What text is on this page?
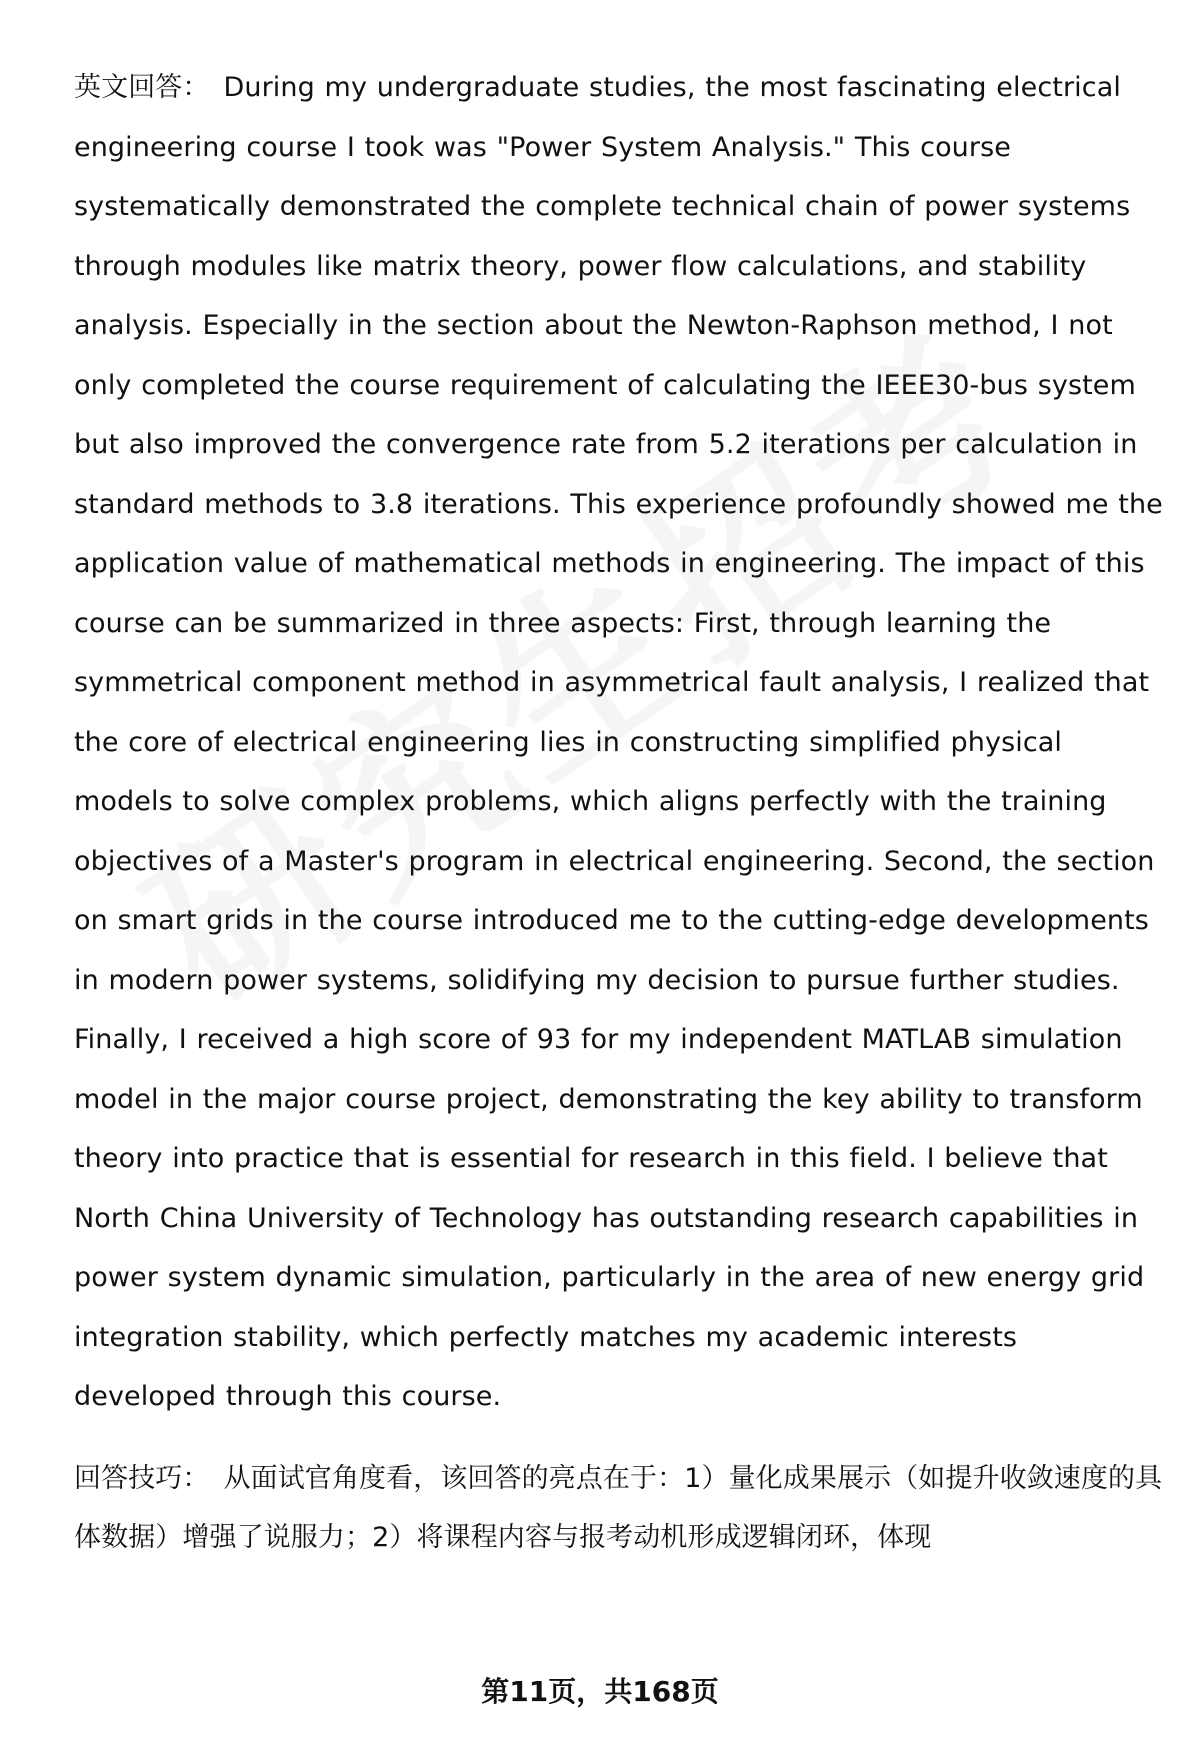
英文回答： During my undergraduate studies, the most fascinating electrical engineering course I took was "Power System Analysis." This course systematically demonstrated the complete technical chain of power systems through modules like matrix theory, power flow calculations, and stability analysis. Especially in the section about the Newton-Raphson method, I not only completed the course requirement of calculating the IEEE30-bus system but also improved the convergence rate from 5.2 iterations per calculation in standard methods to 3.8 iterations. This experience profoundly showed me the application value of mathematical methods in engineering. The impact of this course can be summarized in three aspects: First, through learning the symmetrical component method in asymmetrical fault analysis, I realized that the core of electrical engineering lies in constructing simplified physical models to solve complex problems, which aligns perfectly with the training objectives of a Master's program in electrical engineering. Second, the section on smart grids in the course introduced me to the cutting-edge developments in modern power systems, solidifying my decision to pursue further studies. Finally, I received a high score of 93 for my independent MATLAB simulation model in the major course project, demonstrating the key ability to transform theory into practice that is essential for research in this field. I believe that North China University of Technology has outstanding research capabilities in power system dynamic simulation, particularly in the area of new energy grid integration stability, which perfectly matches my academic interests developed through this course.

回答技巧： 从面试官角度看，该回答的亮点在于：1）量化成果展示（如提升收敛速度的具体数据）增强了说服力；2）将课程内容与报考动机形成逻辑闭环，体现

第11页，共168页
